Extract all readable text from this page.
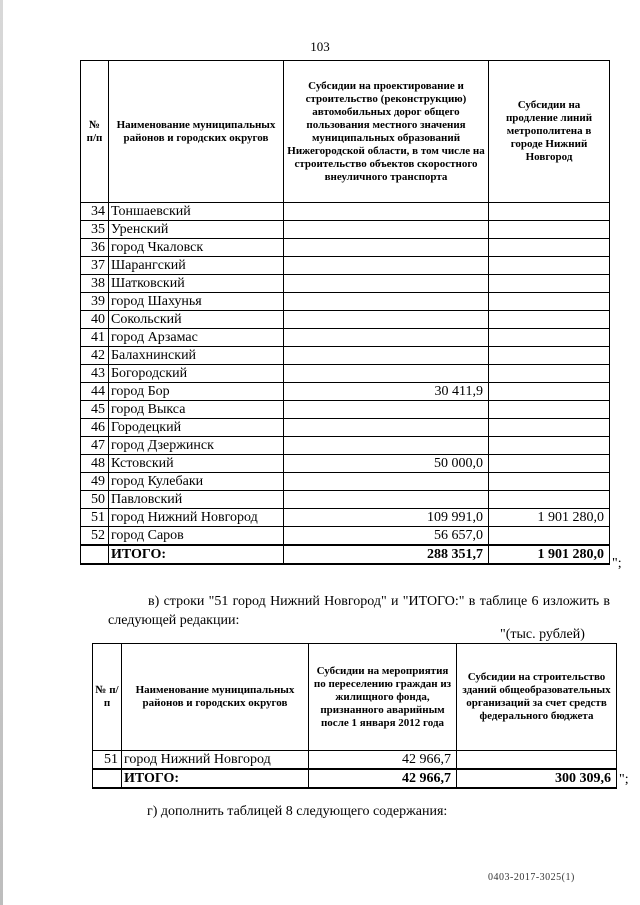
103
№ п/п	Наименование муниципальных районов и городских округов	Субсидии на проектирование и строительство (реконструкцию) автомобильных дорог общего пользования местного значения муниципальных образований Нижегородской области, в том числе на строительство объектов скоростного внеуличного транспорта	Субсидии на продление линий метрополитена в городе Нижний Новгород
34	Тоншаевский		
35	Уренский		
36	город Чкаловск		
37	Шарангский		
38	Шатковский		
39	город Шахунья		
40	Сокольский		
41	город Арзамас		
42	Балахнинский		
43	Богородский		
44	город Бор	30 411,9	
45	город Выкса		
46	Городецкий		
47	город Дзержинск		
48	Кстовский	50 000,0	
49	город Кулебаки		
50	Павловский		
51	город Нижний Новгород	109 991,0	1 901 280,0
52	город Саров	56 657,0	
	ИТОГО:	288 351,7	1 901 280,0
";
в) строки "51 город Нижний Новгород" и "ИТОГО:" в таблице 6 изложить в следующей редакции:
"(тыс. рублей)
№ п/п	Наименование муниципальных районов и городских округов	Субсидии на мероприятия по переселению граждан из жилищного фонда, признанного аварийным после 1 января 2012 года	Субсидии на строительство зданий общеобразовательных организаций за счет средств федерального бюджета
51	город Нижний Новгород	42 966,7	
	ИТОГО:	42 966,7	300 309,6 ";
г) дополнить таблицей 8 следующего содержания:
0403-2017-3025(1)
